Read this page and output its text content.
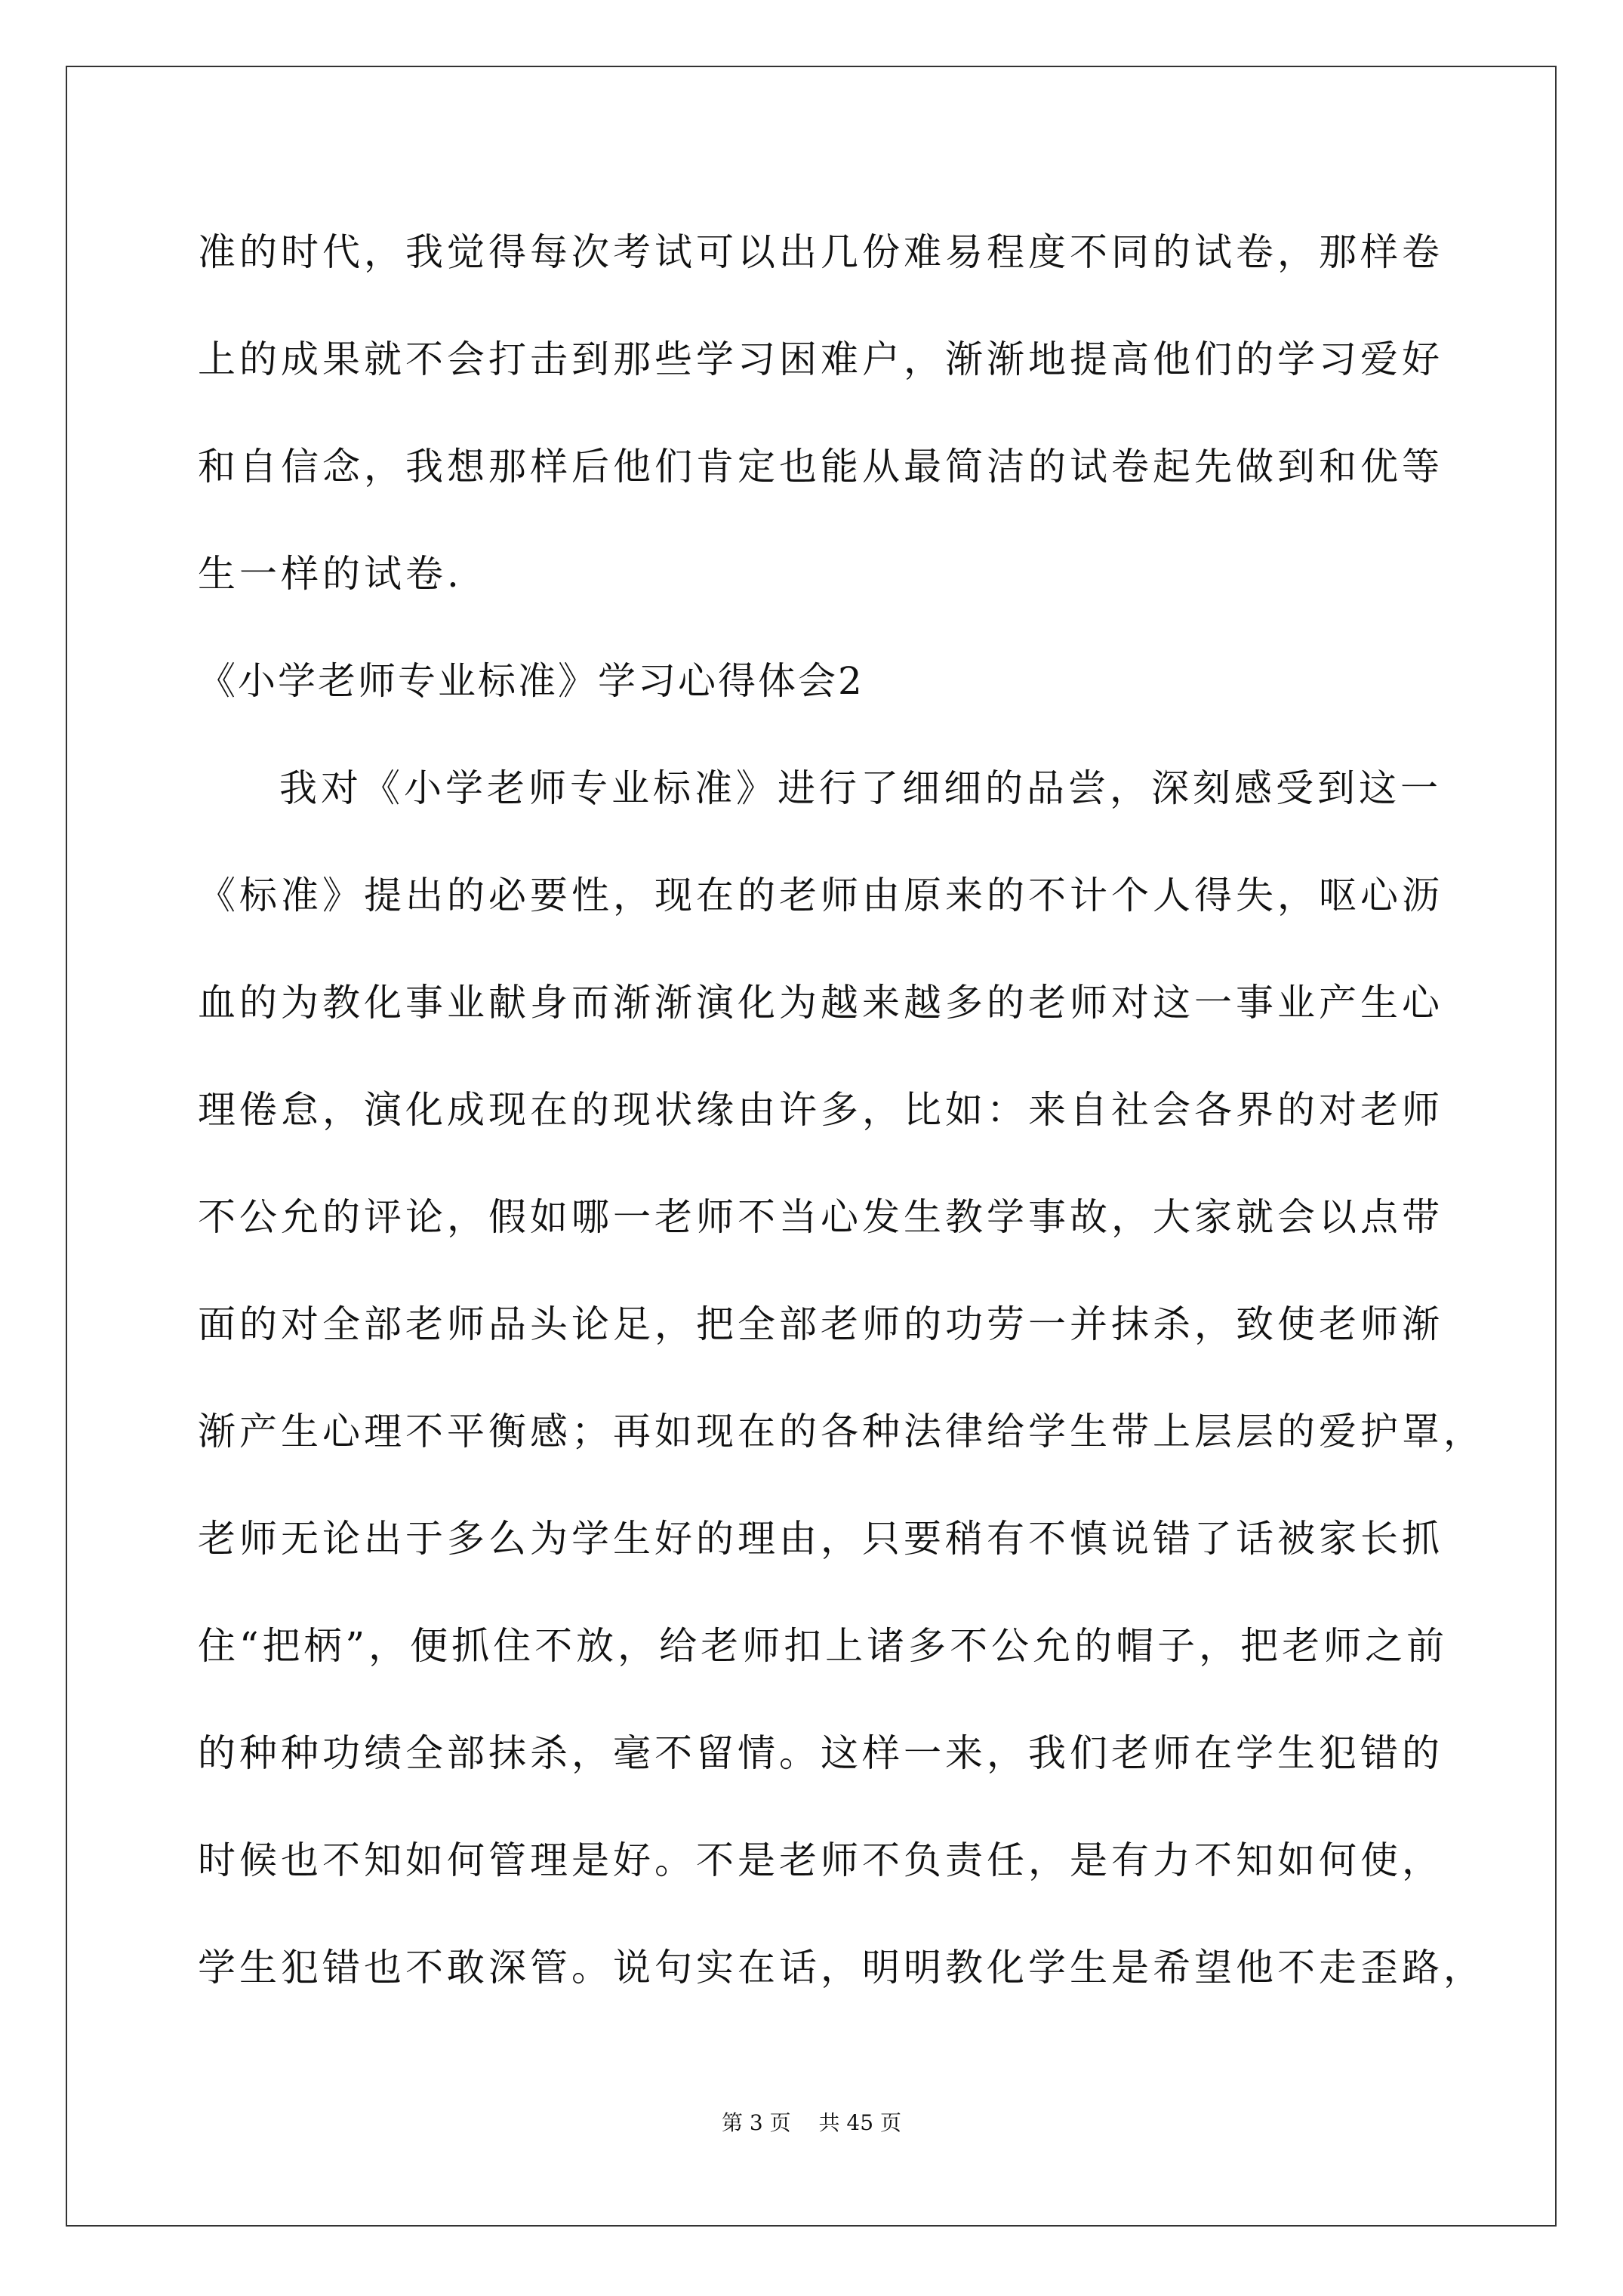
准的时代，我觉得每次考试可以出几份难易程度不同的试卷，那样卷
上的成果就不会打击到那些学习困难户，渐渐地提高他们的学习爱好
和自信念，我想那样后他们肯定也能从最简洁的试卷起先做到和优等
生一样的试卷.
《小学老师专业标准》学习心得体会2
我对《小学老师专业标准》进行了细细的品尝，深刻感受到这一
《标准》提出的必要性，现在的老师由原来的不计个人得失，呕心沥
血的为教化事业献身而渐渐演化为越来越多的老师对这一事业产生心
理倦怠，演化成现在的现状缘由许多，比如：来自社会各界的对老师
不公允的评论，假如哪一老师不当心发生教学事故，大家就会以点带
面的对全部老师品头论足，把全部老师的功劳一并抹杀，致使老师渐
渐产生心理不平衡感；再如现在的各种法律给学生带上层层的爱护罩，
老师无论出于多么为学生好的理由，只要稍有不慎说错了话被家长抓
住“把柄”，便抓住不放，给老师扣上诸多不公允的帽子，把老师之前
的种种功绩全部抹杀，毫不留情。这样一来，我们老师在学生犯错的
时候也不知如何管理是好。不是老师不负责任，是有力不知如何使，
学生犯错也不敢深管。说句实在话，明明教化学生是希望他不走歪路，
第 3 页　 共 45 页
